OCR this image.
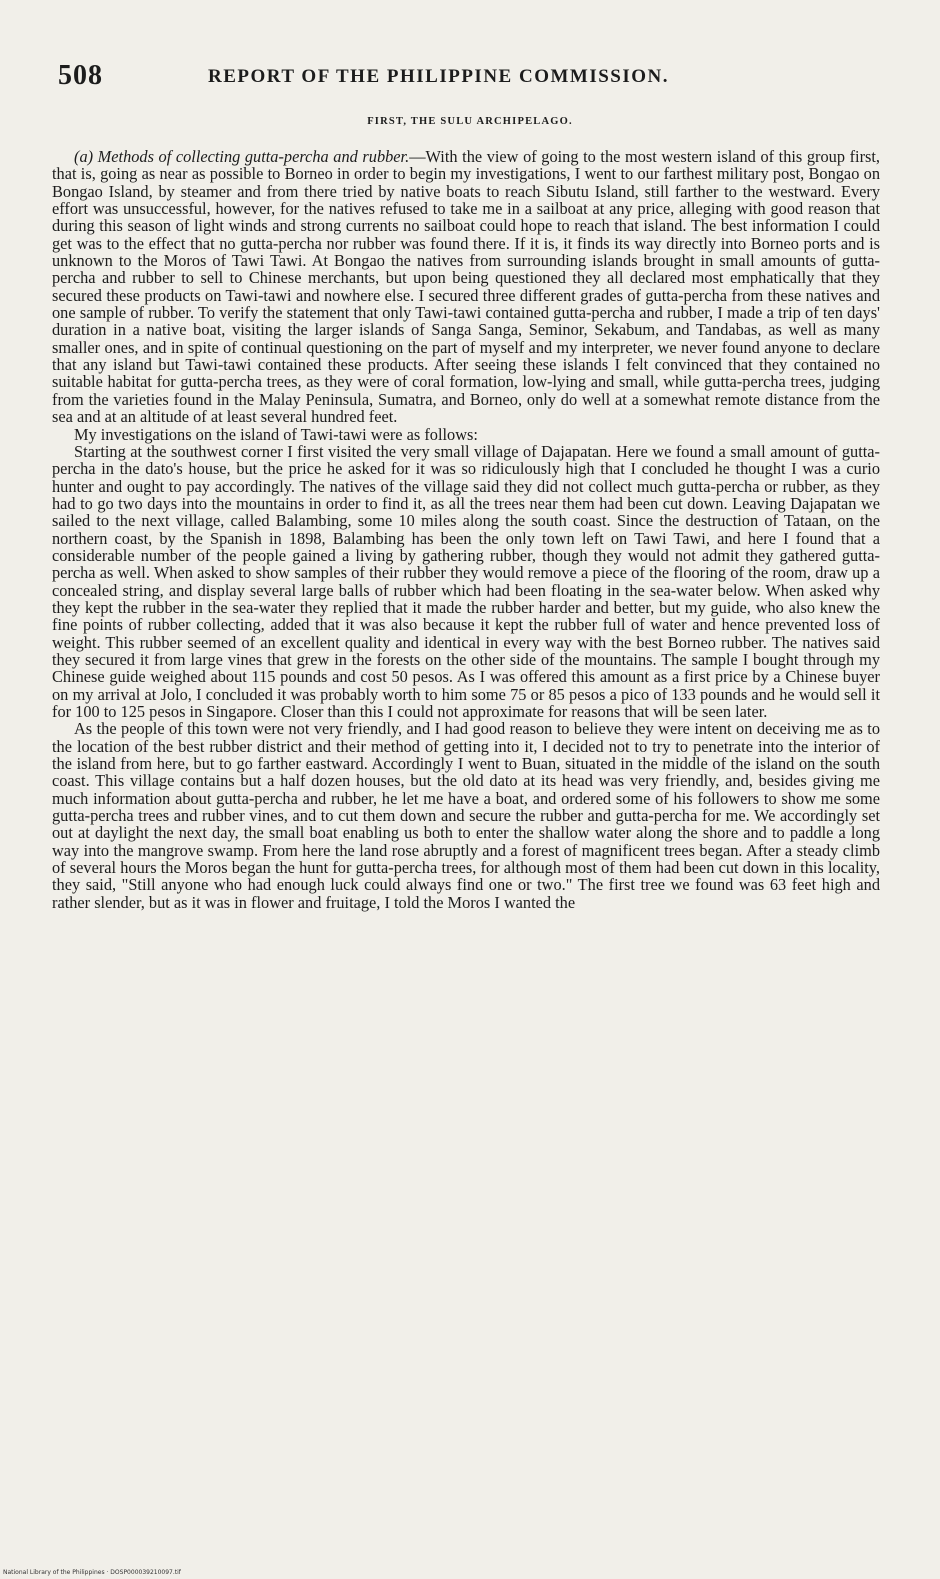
508	REPORT OF THE PHILIPPINE COMMISSION.
FIRST, THE SULU ARCHIPELAGO.

(a) Methods of collecting gutta-percha and rubber.—With the view of going to the most western island of this group first, that is, going as near as possible to Borneo in order to begin my investigations, I went to our farthest military post, Bongao on Bongao Island, by steamer and from there tried by native boats to reach Sibutu Island, still farther to the westward. Every effort was unsuccessful, however, for the natives refused to take me in a sailboat at any price, alleging with good reason that during this season of light winds and strong currents no sailboat could hope to reach that island. The best information I could get was to the effect that no gutta-percha nor rubber was found there. If it is, it finds its way directly into Borneo ports and is unknown to the Moros of Tawi Tawi. At Bongao the natives from surrounding islands brought in small amounts of gutta-percha and rubber to sell to Chinese merchants, but upon being questioned they all declared most emphatically that they secured these products on Tawi-tawi and nowhere else. I secured three different grades of gutta-percha from these natives and one sample of rubber. To verify the statement that only Tawi-tawi contained gutta-percha and rubber, I made a trip of ten days' duration in a native boat, visiting the larger islands of Sanga Sanga, Seminor, Sekabum, and Tandabas, as well as many smaller ones, and in spite of continual questioning on the part of myself and my interpreter, we never found anyone to declare that any island but Tawi-tawi contained these products. After seeing these islands I felt convinced that they contained no suitable habitat for gutta-percha trees, as they were of coral formation, low-lying and small, while gutta-percha trees, judging from the varieties found in the Malay Peninsula, Sumatra, and Borneo, only do well at a somewhat remote distance from the sea and at an altitude of at least several hundred feet.

My investigations on the island of Tawi-tawi were as follows:

Starting at the southwest corner I first visited the very small village of Dajapatan. Here we found a small amount of gutta-percha in the dato's house, but the price he asked for it was so ridiculously high that I concluded he thought I was a curio hunter and ought to pay accordingly. The natives of the village said they did not collect much gutta-percha or rubber, as they had to go two days into the mountains in order to find it, as all the trees near them had been cut down. Leaving Dajapatan we sailed to the next village, called Balambing, some 10 miles along the south coast. Since the destruction of Tataan, on the northern coast, by the Spanish in 1898, Balambing has been the only town left on Tawi Tawi, and here I found that a considerable number of the people gained a living by gathering rubber, though they would not admit they gathered gutta-percha as well. When asked to show samples of their rubber they would remove a piece of the flooring of the room, draw up a concealed string, and display several large balls of rubber which had been floating in the sea-water below. When asked why they kept the rubber in the sea-water they replied that it made the rubber harder and better, but my guide, who also knew the fine points of rubber collecting, added that it was also because it kept the rubber full of water and hence prevented loss of weight. This rubber seemed of an excellent quality and identical in every way with the best Borneo rubber. The natives said they secured it from large vines that grew in the forests on the other side of the mountains. The sample I bought through my Chinese guide weighed about 115 pounds and cost 50 pesos. As I was offered this amount as a first price by a Chinese buyer on my arrival at Jolo, I concluded it was probably worth to him some 75 or 85 pesos a pico of 133 pounds and he would sell it for 100 to 125 pesos in Singapore. Closer than this I could not approximate for reasons that will be seen later.

As the people of this town were not very friendly, and I had good reason to believe they were intent on deceiving me as to the location of the best rubber district and their method of getting into it, I decided not to try to penetrate into the interior of the island from here, but to go farther eastward. Accordingly I went to Buan, situated in the middle of the island on the south coast. This village contains but a half dozen houses, but the old dato at its head was very friendly, and, besides giving me much information about gutta-percha and rubber, he let me have a boat, and ordered some of his followers to show me some gutta-percha trees and rubber vines, and to cut them down and secure the rubber and gutta-percha for me. We accordingly set out at daylight the next day, the small boat enabling us both to enter the shallow water along the shore and to paddle a long way into the mangrove swamp. From here the land rose abruptly and a forest of magnificent trees began. After a steady climb of several hours the Moros began the hunt for gutta-percha trees, for although most of them had been cut down in this locality, they said, "Still anyone who had enough luck could always find one or two." The first tree we found was 63 feet high and rather slender, but as it was in flower and fruitage, I told the Moros I wanted the

National Library of the Philippines · DOSP000039210097.tif
